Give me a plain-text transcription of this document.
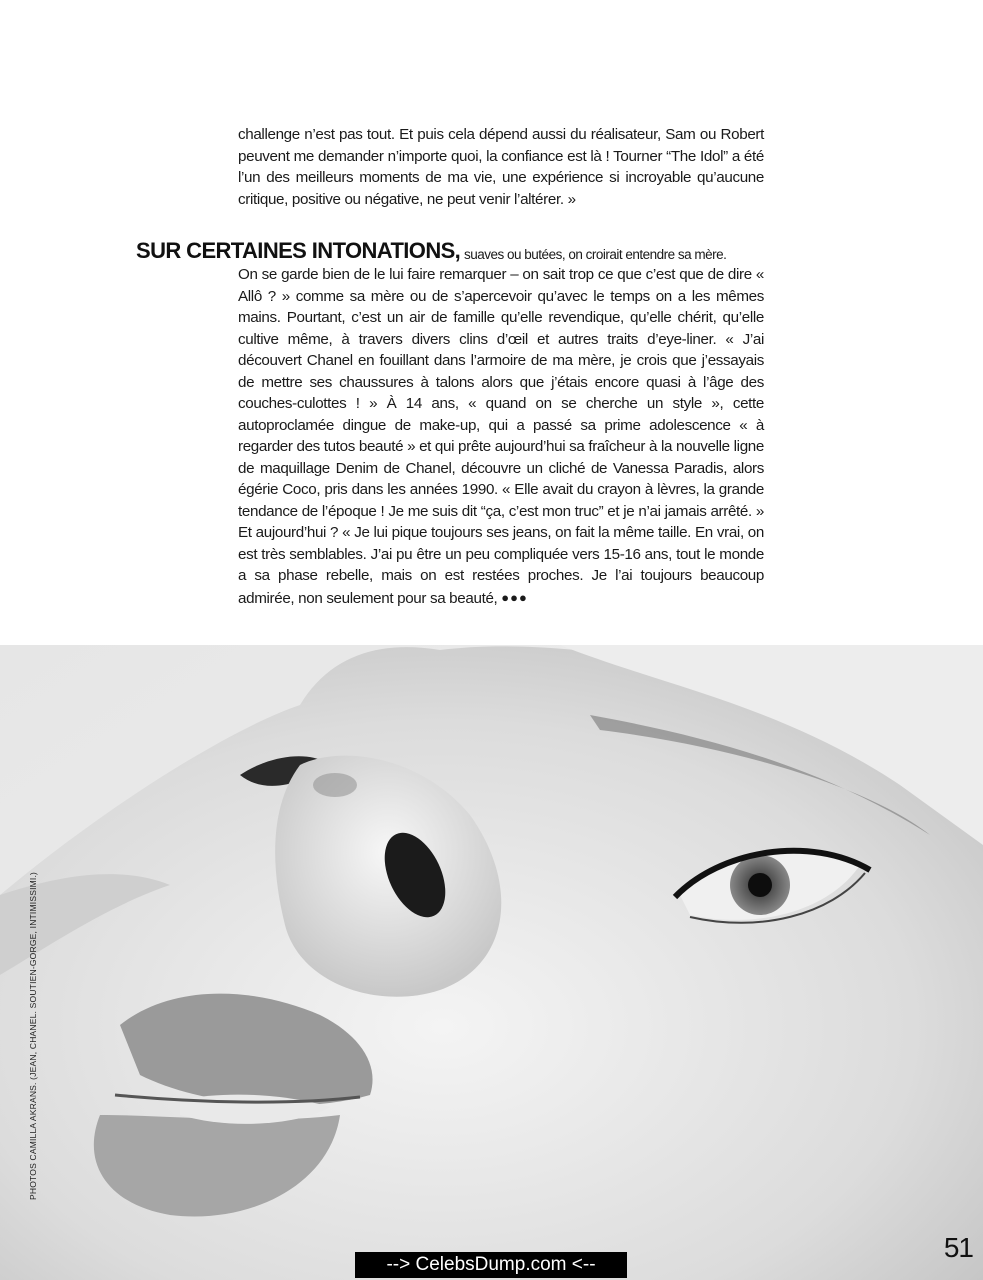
challenge n’est pas tout. Et puis cela dépend aussi du réalisateur, Sam ou Robert peuvent me demander n’importe quoi, la confiance est là ! Tourner “The Idol” a été l’un des meilleurs moments de ma vie, une expérience si incroyable qu’aucune critique, positive ou négative, ne peut venir l’altérer. »

SUR CERTAINES INTONATIONS, suaves ou butées, on croirait entendre sa mère.

On se garde bien de le lui faire remarquer – on sait trop ce que c’est que de dire « Allô ? » comme sa mère ou de s’apercevoir qu’avec le temps on a les mêmes mains. Pourtant, c’est un air de famille qu’elle revendique, qu’elle chérit, qu’elle cultive même, à travers divers clins d’œil et autres traits d’eye-liner. « J’ai découvert Chanel en fouillant dans l’armoire de ma mère, je crois que j’essayais de mettre ses chaussures à talons alors que j’étais encore quasi à l’âge des couches-culottes ! » À 14 ans, « quand on se cherche un style », cette autoproclamée dingue de make-up, qui a passé sa prime adolescence « à regarder des tutos beauté » et qui prête aujourd’hui sa fraîcheur à la nouvelle ligne de maquillage Denim de Chanel, découvre un cliché de Vanessa Paradis, alors égérie Coco, pris dans les années 1990. « Elle avait du crayon à lèvres, la grande tendance de l’époque ! Je me suis dit “ça, c’est mon truc” et je n’ai jamais arrêté. » Et aujourd’hui ? « Je lui pique toujours ses jeans, on fait la même taille. En vrai, on est très semblables. J’ai pu être un peu compliquée vers 15-16 ans, tout le monde a sa phase rebelle, mais on est restées proches. Je l’ai toujours beaucoup admirée, non seulement pour sa beauté, ●●●

PHOTOS CAMILLA AKRANS. (JEAN, CHANEL. SOUTIEN-GORGE, INTIMISSIMI.)
51
--> CelebsDump.com <--
